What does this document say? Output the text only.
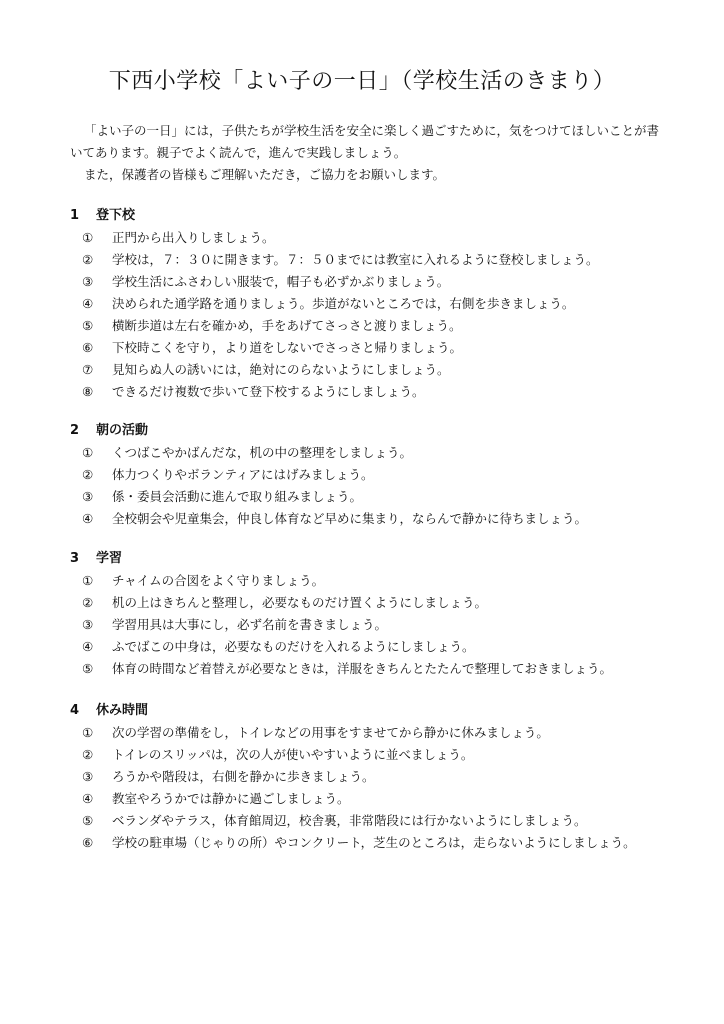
下西小学校「よい子の一日」（学校生活のきまり）

「よい子の一日」には，子供たちが学校生活を安全に楽しく過ごすために，気をつけてほしいことが書いてあります。親子でよく読んで，進んで実践しましょう。

また，保護者の皆様もご理解いただき，ご協力をお願いします。

1 登下校
①	正門から出入りしましょう。
②	学校は，７：３０に開きます。７：５０までには教室に入れるように登校しましょう。
③	学校生活にふさわしい服装で，帽子も必ずかぶりましょう。
④	決められた通学路を通りましょう。歩道がないところでは，右側を歩きましょう。
⑤	横断歩道は左右を確かめ，手をあげてさっさと渡りましょう。
⑥	下校時こくを守り，より道をしないでさっさと帰りましょう。
⑦	見知らぬ人の誘いには，絶対にのらないようにしましょう。
⑧	できるだけ複数で歩いて登下校するようにしましょう。
2 朝の活動
①	くつばこやかばんだな，机の中の整理をしましょう。
②	体力つくりやボランティアにはげみましょう。
③	係・委員会活動に進んで取り組みましょう。
④	全校朝会や児童集会，仲良し体育など早めに集まり，ならんで静かに待ちましょう。
3 学習
①	チャイムの合図をよく守りましょう。
②	机の上はきちんと整理し，必要なものだけ置くようにしましょう。
③	学習用具は大事にし，必ず名前を書きましょう。
④	ふでばこの中身は，必要なものだけを入れるようにしましょう。
⑤	体育の時間など着替えが必要なときは，洋服をきちんとたたんで整理しておきましょう。
4 休み時間
①	次の学習の準備をし，トイレなどの用事をすませてから静かに休みましょう。
②	トイレのスリッパは，次の人が使いやすいように並べましょう。
③	ろうかや階段は，右側を静かに歩きましょう。
④	教室やろうかでは静かに過ごしましょう。
⑤	ベランダやテラス，体育館周辺，校舎裏，非常階段には行かないようにしましょう。
⑥	学校の駐車場（じゃりの所）やコンクリート，芝生のところは，走らないようにしましょう。
